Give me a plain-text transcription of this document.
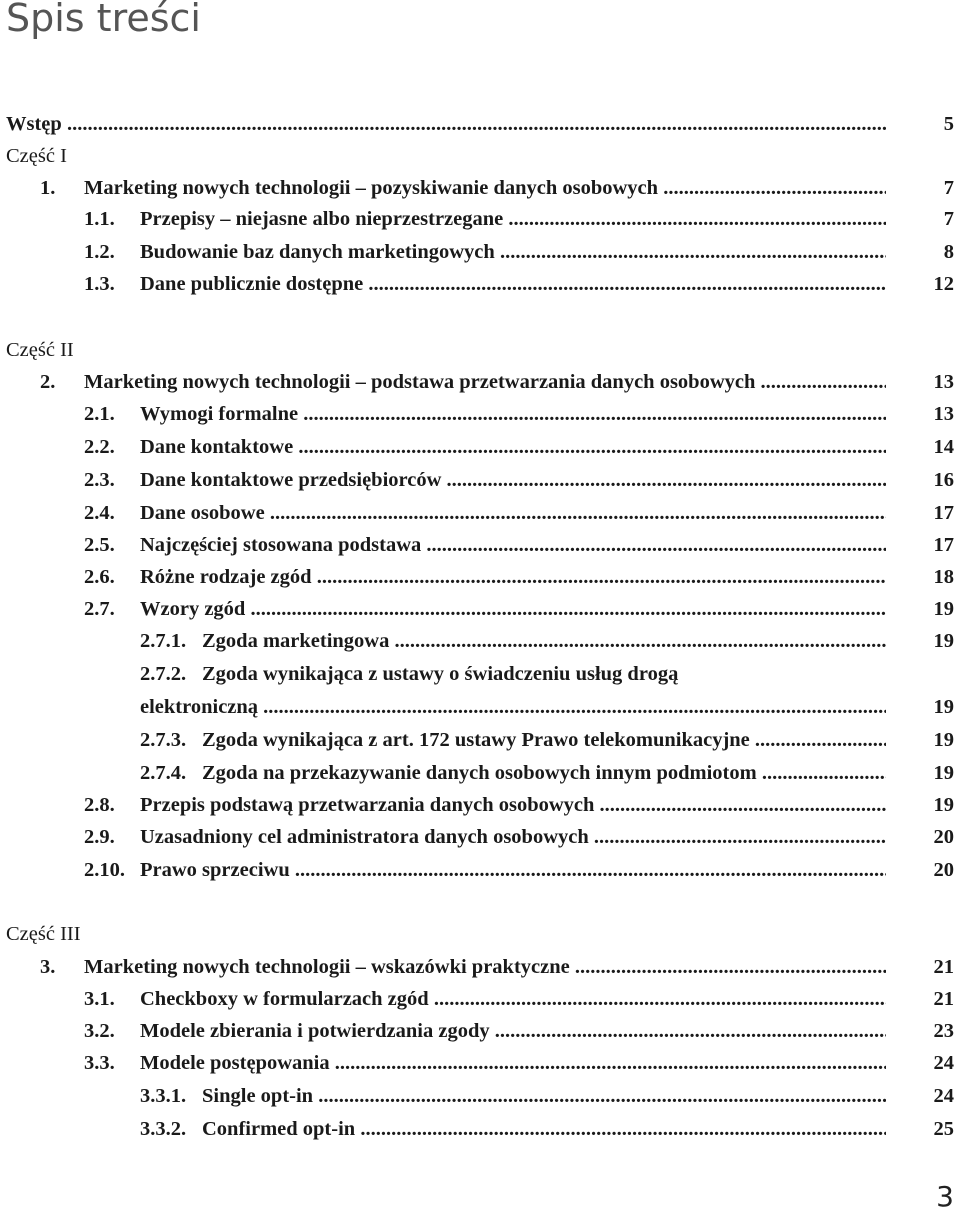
Spis treści
Wstęp .....	5
Część I
1. Marketing nowych technologii – pozyskiwanie danych osobowych .....	7
1.1. Przepisy – niejasne albo nieprzestrzegane .....	7
1.2. Budowanie baz danych marketingowych .....	8
1.3. Dane publicznie dostępne .....	12
Część II
2. Marketing nowych technologii – podstawa przetwarzania danych osobowych .....	13
2.1. Wymogi formalne .....	13
2.2. Dane kontaktowe .....	14
2.3. Dane kontaktowe przedsiębiorców .....	16
2.4. Dane osobowe .....	17
2.5. Najczęściej stosowana podstawa .....	17
2.6. Różne rodzaje zgód .....	18
2.7. Wzory zgód .....	19
2.7.1. Zgoda marketingowa .....	19
2.7.2. Zgoda wynikająca z ustawy o świadczeniu usług drogą
elektroniczną .....	19
2.7.3. Zgoda wynikająca z art. 172 ustawy Prawo telekomunikacyjne .....	19
2.7.4. Zgoda na przekazywanie danych osobowych innym podmiotom .....	19
2.8. Przepis podstawą przetwarzania danych osobowych .....	19
2.9. Uzasadniony cel administratora danych osobowych .....	20
2.10. Prawo sprzeciwu .....	20
Część III
3. Marketing nowych technologii – wskazówki praktyczne .....	21
3.1. Checkboxy w formularzach zgód .....	21
3.2. Modele zbierania i potwierdzania zgody .....	23
3.3. Modele postępowania .....	24
3.3.1. Single opt-in .....	24
3.3.2. Confirmed opt-in .....	25
3
